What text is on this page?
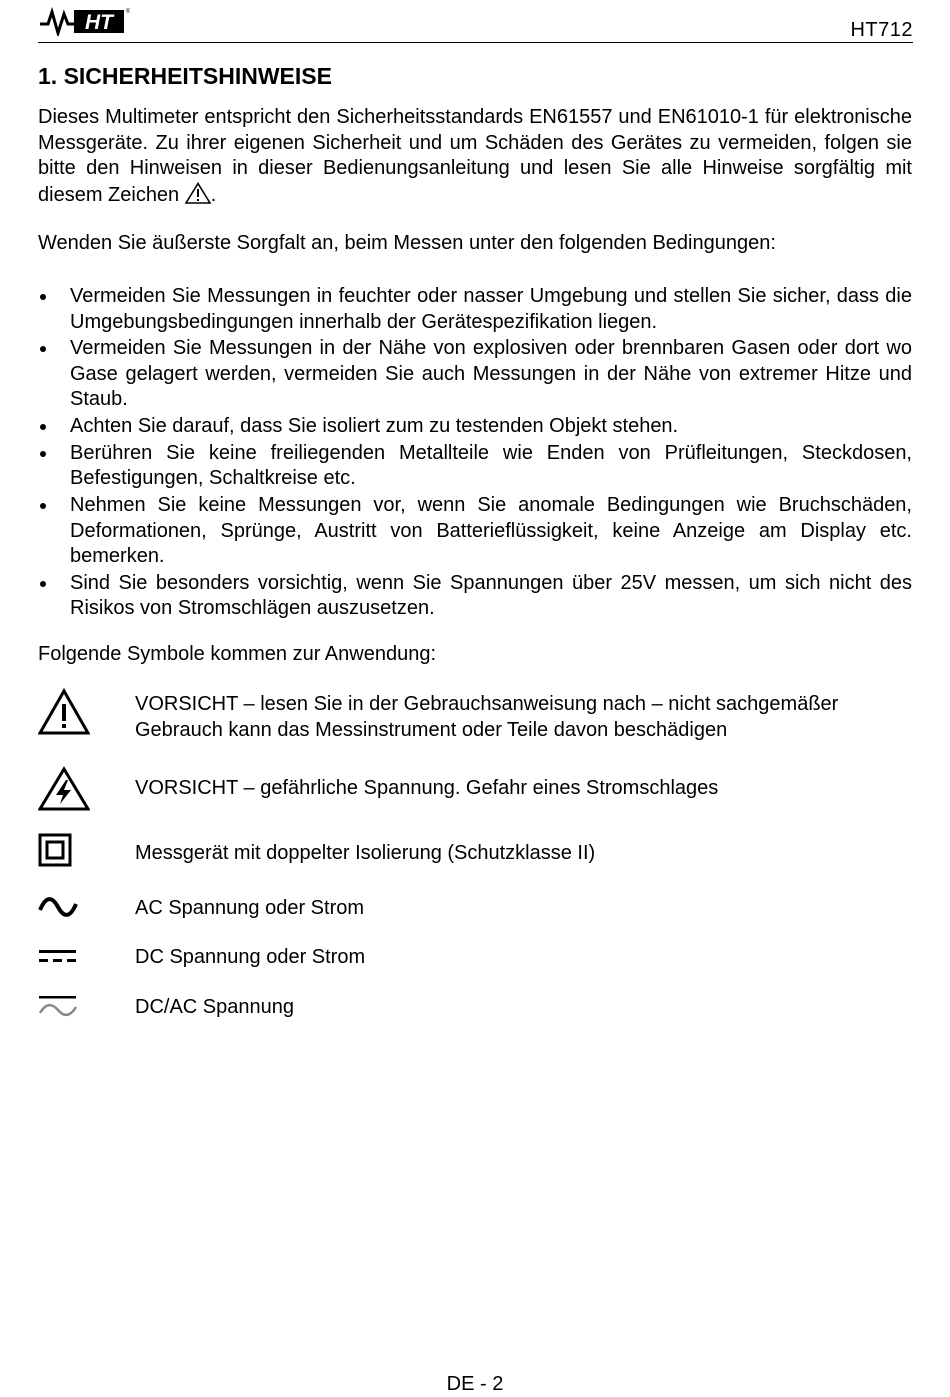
HT	®
HT712
1. SICHERHEITSHINWEISE

Dieses Multimeter entspricht den Sicherheitsstandards EN61557 und EN61010-1 für elektronische Messgeräte. Zu ihrer eigenen Sicherheit und um Schäden des Gerätes zu vermeiden, folgen sie bitte den Hinweisen in dieser Bedienungsanleitung und lesen Sie alle Hinweise sorgfältig mit diesem Zeichen .

Wenden Sie äußerste Sorgfalt an, beim Messen unter den folgenden Bedingungen:

Vermeiden Sie Messungen in feuchter oder nasser Umgebung und stellen Sie sicher, dass die Umgebungsbedingungen innerhalb der Gerätespezifikation liegen.
Vermeiden Sie Messungen in der Nähe von explosiven oder brennbaren Gasen oder dort wo Gase gelagert werden, vermeiden Sie auch Messungen in der Nähe von extremer Hitze und Staub.
Achten Sie darauf, dass Sie isoliert zum zu testenden Objekt stehen.
Berühren Sie keine freiliegenden Metallteile wie Enden von Prüfleitungen, Steckdosen, Befestigungen, Schaltkreise etc.
Nehmen Sie keine Messungen vor, wenn Sie anomale Bedingungen wie Bruchschäden, Deformationen, Sprünge, Austritt von Batterieflüssigkeit, keine Anzeige am Display etc. bemerken.
Sind Sie besonders vorsichtig, wenn Sie Spannungen über 25V messen, um sich nicht des Risikos von Stromschlägen auszusetzen.

Folgende Symbole kommen zur Anwendung:

VORSICHT – lesen Sie in der Gebrauchsanweisung nach – nicht sachgemäßer Gebrauch kann das Messinstrument oder Teile davon beschädigen
VORSICHT – gefährliche Spannung. Gefahr eines Stromschlages
Messgerät mit doppelter Isolierung (Schutzklasse II)
AC Spannung oder Strom
DC Spannung oder Strom
DC/AC Spannung
DE - 2
